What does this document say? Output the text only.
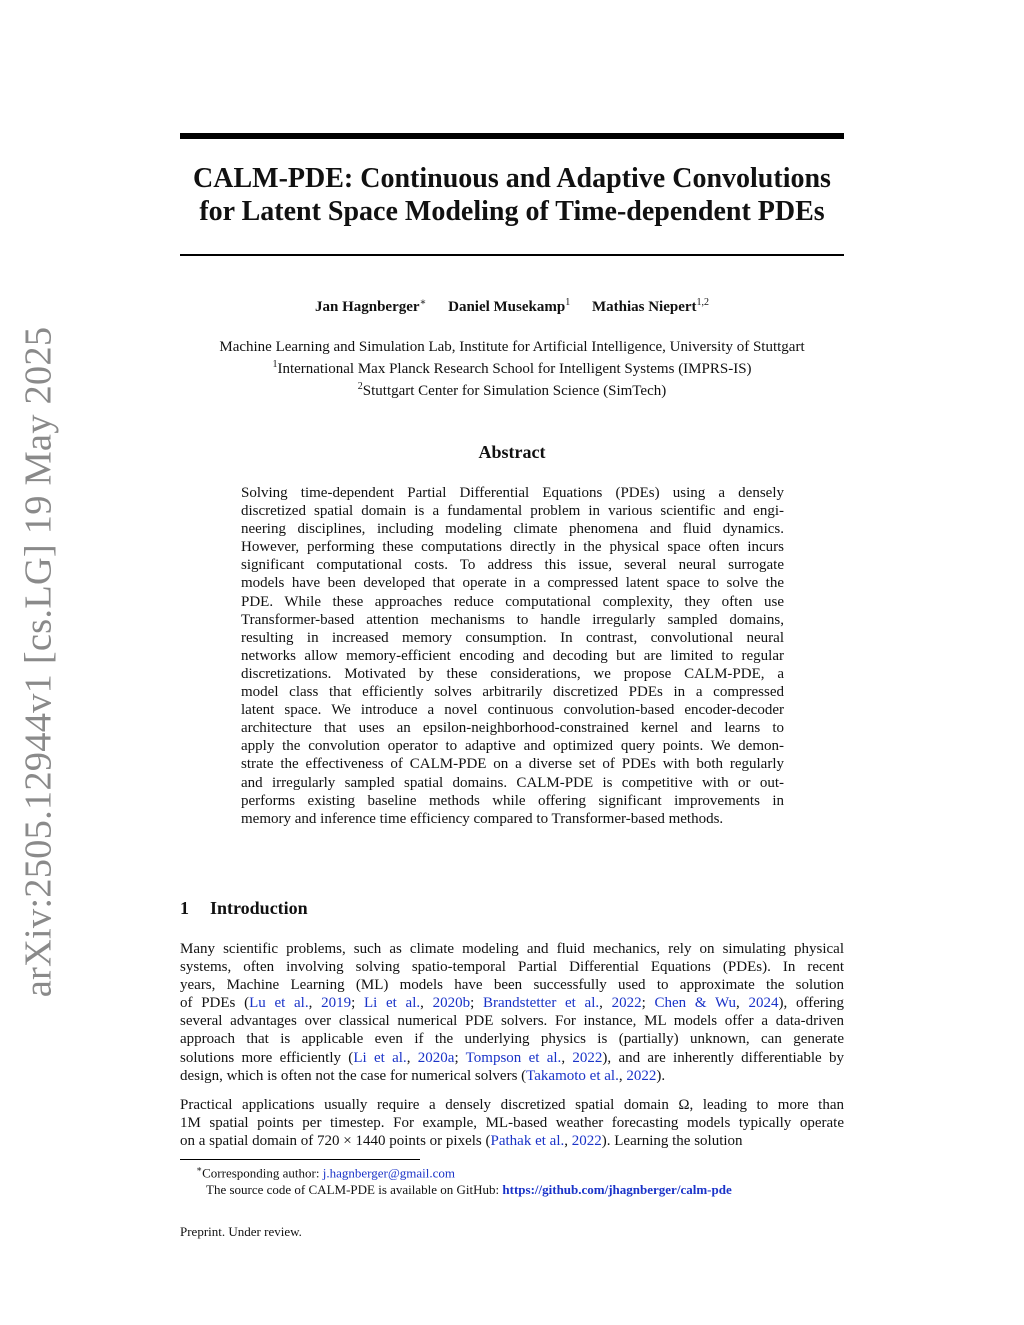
arXiv:2505.12944v1 [cs.LG] 19 May 2025
CALM-PDE: Continuous and Adaptive Convolutions
for Latent Space Modeling of Time-dependent PDEs
Jan Hagnberger∗ Daniel Musekamp$^1$ Mathias Niepert$^{1,2}$
Machine Learning and Simulation Lab, Institute for Artificial Intelligence, University of Stuttgart
$^1$International Max Planck Research School for Intelligent Systems (IMPRS-IS)
$^2$Stuttgart Center for Simulation Science (SimTech)
Abstract
Solving time-dependent Partial Differential Equations (PDEs) using a densely
discretized spatial domain is a fundamental problem in various scientific and engi-
neering disciplines, including modeling climate phenomena and fluid dynamics.
However, performing these computations directly in the physical space often incurs
significant computational costs. To address this issue, several neural surrogate
models have been developed that operate in a compressed latent space to solve the
PDE. While these approaches reduce computational complexity, they often use
Transformer-based attention mechanisms to handle irregularly sampled domains,
resulting in increased memory consumption. In contrast, convolutional neural
networks allow memory-efficient encoding and decoding but are limited to regular
discretizations. Motivated by these considerations, we propose CALM-PDE, a
model class that efficiently solves arbitrarily discretized PDEs in a compressed
latent space. We introduce a novel continuous convolution-based encoder-decoder
architecture that uses an epsilon-neighborhood-constrained kernel and learns to
apply the convolution operator to adaptive and optimized query points. We demon-
strate the effectiveness of CALM-PDE on a diverse set of PDEs with both regularly
and irregularly sampled spatial domains. CALM-PDE is competitive with or out-
performs existing baseline methods while offering significant improvements in
memory and inference time efficiency compared to Transformer-based methods.
1 Introduction
Many scientific problems, such as climate modeling and fluid mechanics, rely on simulating physical
systems, often involving solving spatio-temporal Partial Differential Equations (PDEs). In recent
years, Machine Learning (ML) models have been successfully used to approximate the solution
of PDEs (Lu et al., 2019; Li et al., 2020b; Brandstetter et al., 2022; Chen & Wu, 2024), offering
several advantages over classical numerical PDE solvers. For instance, ML models offer a data-driven
approach that is applicable even if the underlying physics is (partially) unknown, can generate
solutions more efficiently (Li et al., 2020a; Tompson et al., 2022), and are inherently differentiable by
design, which is often not the case for numerical solvers (Takamoto et al., 2022).
Practical applications usually require a densely discretized spatial domain Ω, leading to more than
1M spatial points per timestep. For example, ML-based weather forecasting models typically operate
on a spatial domain of 720 × 1440 points or pixels (Pathak et al., 2022). Learning the solution
∗Corresponding author: j.hagnberger@gmail.com
The source code of CALM-PDE is available on GitHub: https://github.com/jhagnberger/calm-pde
Preprint. Under review.
